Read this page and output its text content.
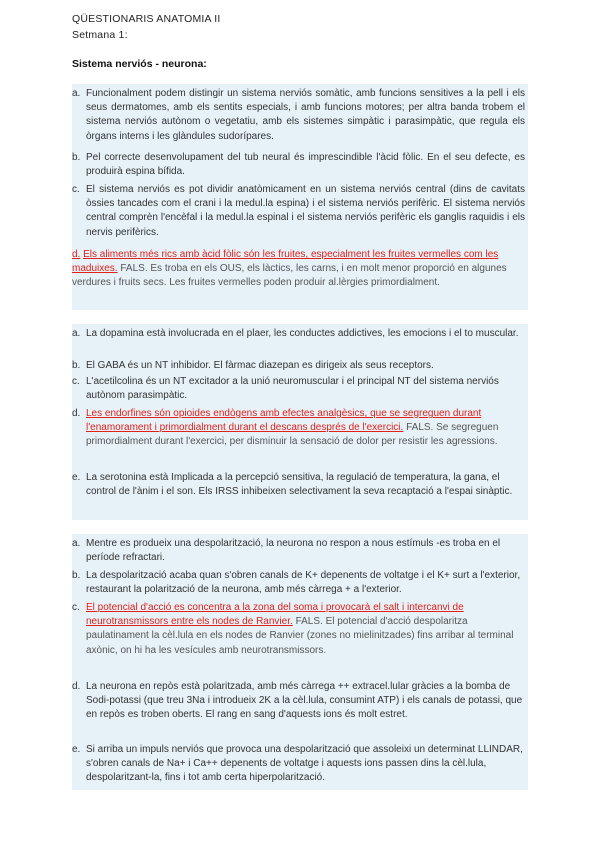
QÜESTIONARIS ANATOMIA II
Setmana 1:
Sistema nerviós - neurona:
a. Funcionalment podem distingir un sistema nerviós somàtic, amb funcions sensitives a la pell i els seus dermatomes, amb els sentits especials, i amb funcions motores; per altra banda trobem el sistema nerviós autònom o vegetatiu, amb els sistemes simpàtic i parasimpàtic, que regula els òrgans interns i les glàndules sudorípares.
b. Pel correcte desenvolupament del tub neural és imprescindible l'àcid fòlic. En el seu defecte, es produirà espina bífida.
c. El sistema nerviós es pot dividir anatòmicament en un sistema nerviós central (dins de cavitats òssies tancades com el crani i la medul.la espina) i el sistema nerviós perifèric. El sistema nerviós central comprèn l'encèfal i la medul.la espinal i el sistema nerviós perifèric els ganglis raquidis i els nervis perifèrics.
d. Els aliments més rics amb àcid fòlic són les fruites, especialment les fruites vermelles com les maduixes. FALS. Es troba en els OUS, els làctics, les carns, i en molt menor proporció en algunes verdures i fruits secs. Les fruites vermelles poden produir al.lèrgies primordialment.
a. La dopamina està involucrada en el plaer, les conductes addictives, les emocions i el to muscular.
b. El GABA és un NT inhibidor. El fàrmac diazepan es dirigeix als seus receptors.
c. L'acetilcolina és un NT excitador a la unió neuromuscular i el principal NT del sistema nerviós autònom parasimpàtic.
d. Les endorfines són opioides endògens amb efectes analgèsics, que se segreguen durant l'enamorament i primordialment durant el descans després de l'exercici. FALS. Se segreguen primordialment durant l'exercici, per disminuir la sensació de dolor per resistir les agressions.
e. La serotonina està Implicada a la percepció sensitiva, la regulació de temperatura, la gana, el control de l'ànim i el son. Els IRSS inhibeixen selectivament la seva recaptació a l'espai sinàptic.
a. Mentre es produeix una despolarització, la neurona no respon a nous estímuls -es troba en el període refractari.
b. La despolarització acaba quan s'obren canals de K+ depenents de voltatge i el K+ surt a l'exterior, restaurant la polarització de la neurona, amb més càrrega + a l'exterior.
c. El potencial d'acció es concentra a la zona del soma i provocarà el salt i intercanvi de neurotransmissors entre els nodes de Ranvier. FALS. El potencial d'acció despolaritza paulatinament la cèl.lula en els nodes de Ranvier (zones no mielinitzades) fins arribar al terminal axònic, on hi ha les vesícules amb neurotransmissors.
d. La neurona en repòs està polaritzada, amb més càrrega ++ extracel.lular gràcies a la bomba de Sodi-potassi (que treu 3Na i introdueix 2K a la cèl.lula, consumint ATP) i els canals de potassi, que en repòs es troben oberts. El rang en sang d'aquests ions és molt estret.
e. Si arriba un impuls nerviós que provoca una despolarització que assoleixi un determinat LLINDAR, s'obren canals de Na+ i Ca++ depenents de voltatge i aquests ions passen dins la cèl.lula, despolaritzant-la, fins i tot amb certa hiperpolarització.
